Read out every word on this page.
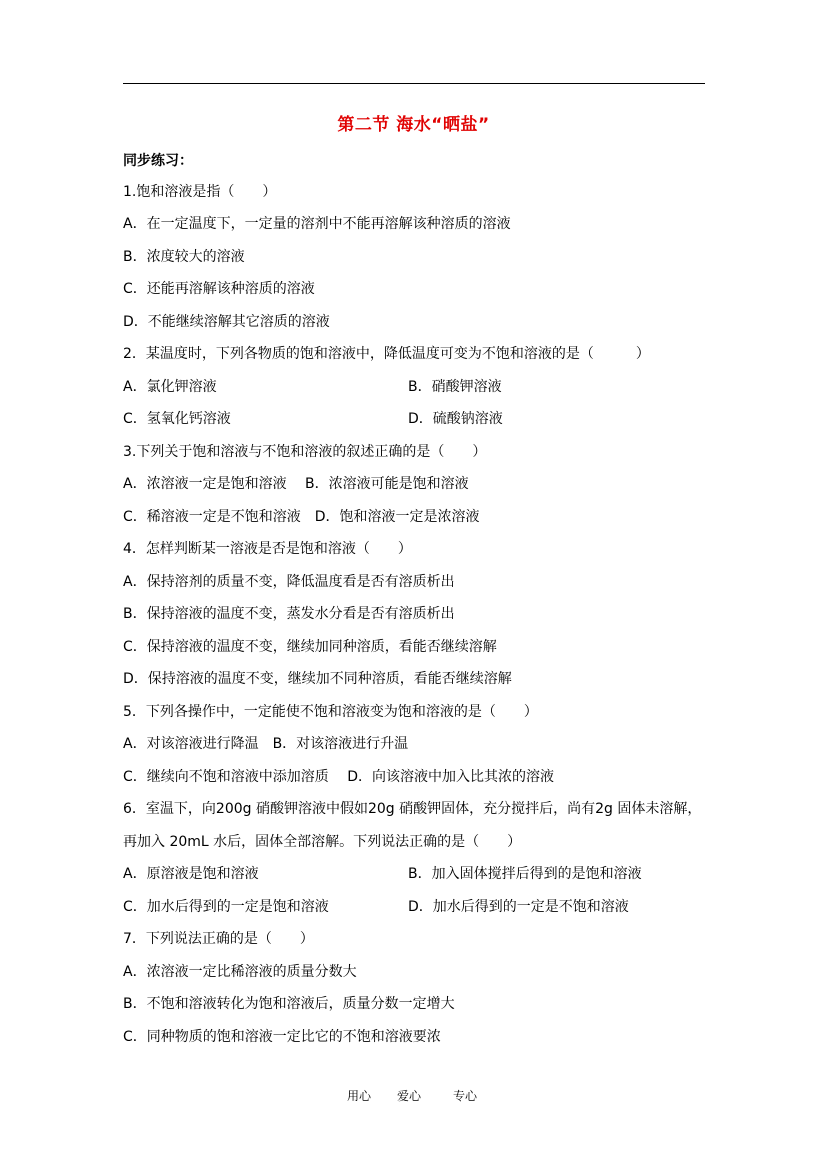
第二节 海水“晒盐”
同步练习：
1.饱和溶液是指（　　）
A．在一定温度下，一定量的溶剂中不能再溶解该种溶质的溶液
B．浓度较大的溶液
C．还能再溶解该种溶质的溶液
D．不能继续溶解其它溶质的溶液
2．某温度时，下列各物质的饱和溶液中，降低温度可变为不饱和溶液的是（　　　）
A．氯化钾溶液	B．硝酸钾溶液
C．氢氧化钙溶液	D．硫酸钠溶液
3.下列关于饱和溶液与不饱和溶液的叙述正确的是（　　）
A．浓溶液一定是饱和溶液　 B．浓溶液可能是饱和溶液
C．稀溶液一定是不饱和溶液　D．饱和溶液一定是浓溶液
4．怎样判断某一溶液是否是饱和溶液（　　）
A．保持溶剂的质量不变，降低温度看是否有溶质析出
B．保持溶液的温度不变，蒸发水分看是否有溶质析出
C．保持溶液的温度不变，继续加同种溶质，看能否继续溶解
D．保持溶液的温度不变，继续加不同种溶质，看能否继续溶解
5．下列各操作中，一定能使不饱和溶液变为饱和溶液的是（　　）
A．对该溶液进行降温　B．对该溶液进行升温
C．继续向不饱和溶液中添加溶质　 D．向该溶液中加入比其浓的溶液
6．室温下，向200g 硝酸钾溶液中假如20g 硝酸钾固体，充分搅拌后，尚有2g 固体未溶解，
再加入 20mL 水后，固体全部溶解。下列说法正确的是（　　）
A．原溶液是饱和溶液	B．加入固体搅拌后得到的是饱和溶液
C．加水后得到的一定是饱和溶液	D．加水后得到的一定是不饱和溶液
7．下列说法正确的是（　　）
A．浓溶液一定比稀溶液的质量分数大
B．不饱和溶液转化为饱和溶液后，质量分数一定增大
C．同种物质的饱和溶液一定比它的不饱和溶液要浓
用心 爱心	专心
